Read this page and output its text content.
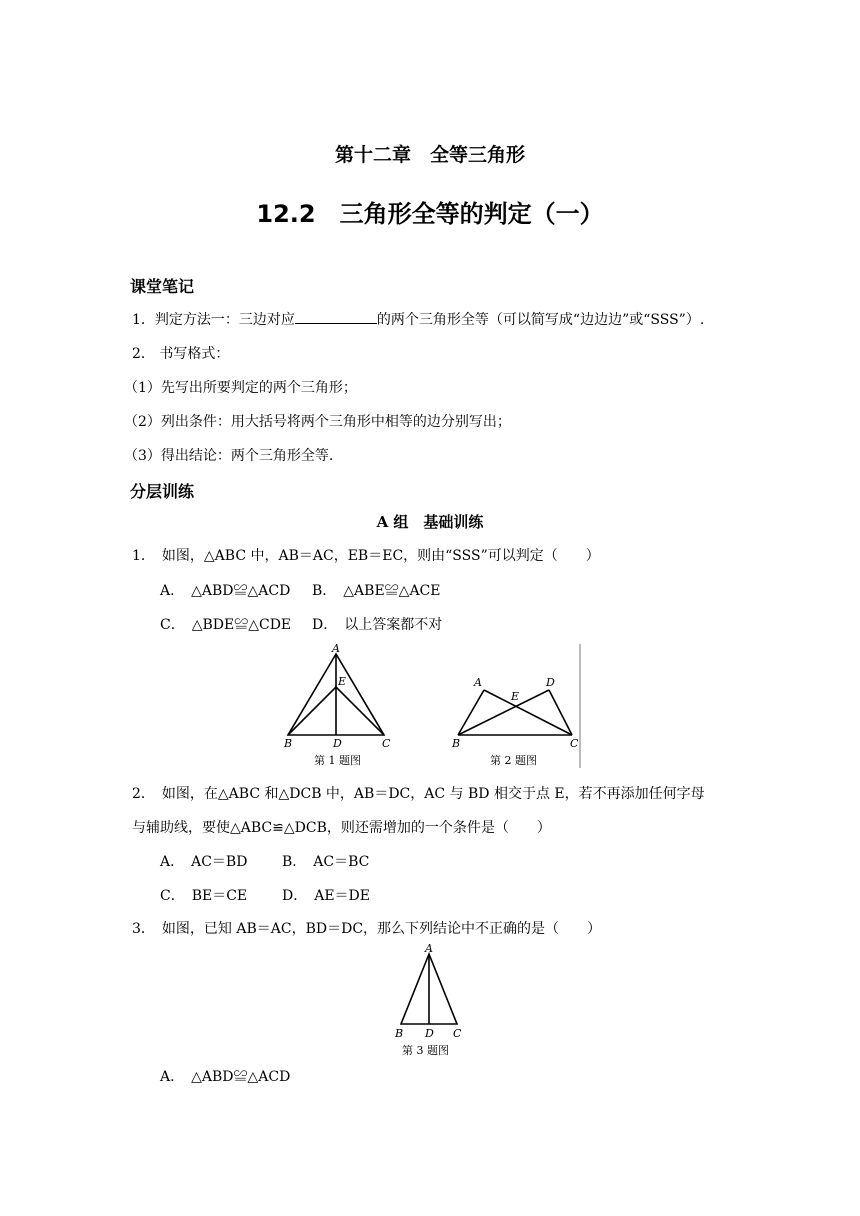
第十二章　全等三角形
12.2　三角形全等的判定（一）
课堂笔记
1．判定方法一：三边对应	的两个三角形全等（可以简写成“边边边”或“SSS”）.
2． 书写格式：
（1）先写出所要判定的两个三角形；
（2）列出条件：用大括号将两个三角形中相等的边分别写出；
（3）得出结论：两个三角形全等.
分层训练
A 组　基础训练
1．　如图，△ABC 中，AB＝AC，EB＝EC，则由“SSS”可以判定（　　）
A．　△ABD≌△ACD B．　△ABE≌△ACE
C．　△BDE≌△CDE D．　以上答案都不对
A
E
B	D	C
第 1 题图
A
E
D
B	C
第 2 题图
2．　如图，在△ABC 和△DCB 中，AB＝DC，AC 与 BD 相交于点 E，若不再添加任何字母
与辅助线，要使△ABC≌△DCB，则还需增加的一个条件是（　　）
A．　AC＝BD B．　AC＝BC
C．　BE＝CE D．　AE＝DE
3．　如图，已知 AB＝AC，BD＝DC，那么下列结论中不正确的是（　　）
A
B D C
第 3 题图
A．　△ABD≌△ACD
